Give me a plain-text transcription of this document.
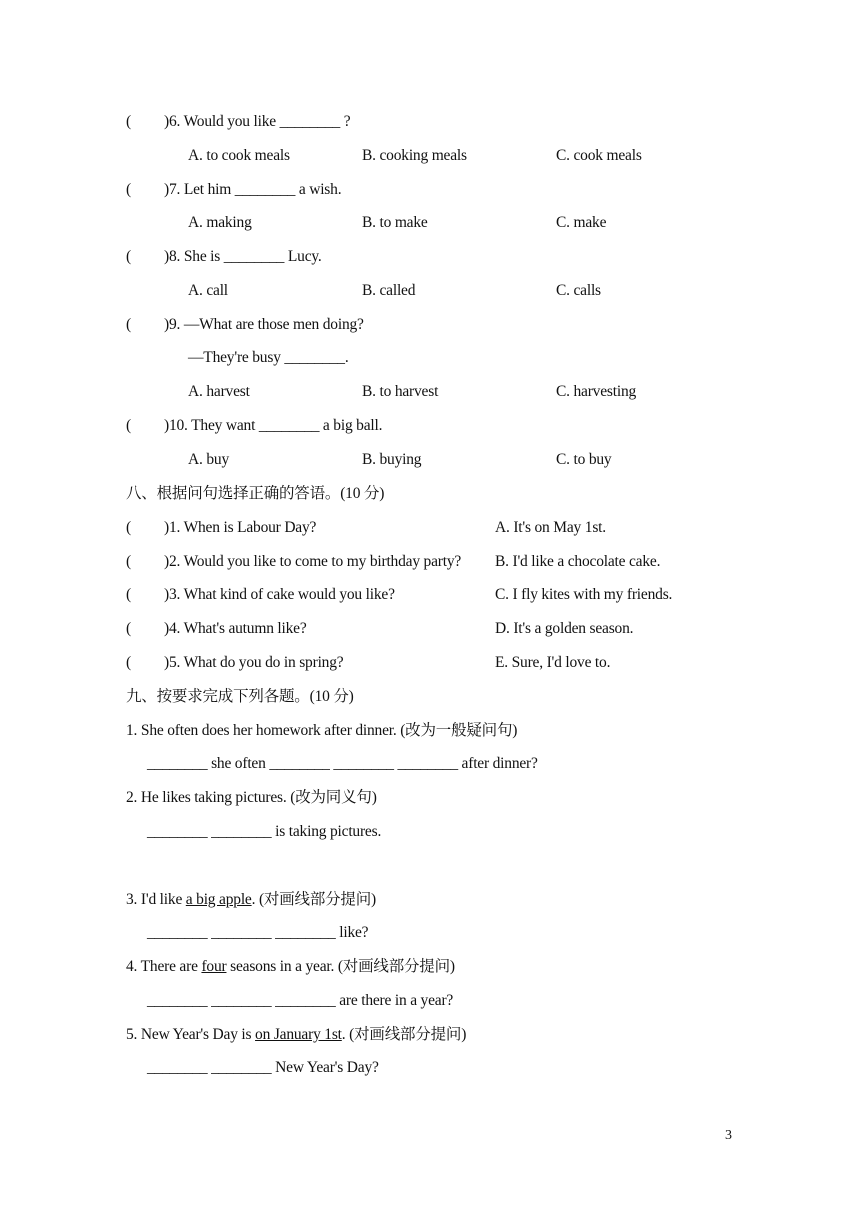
( )6. Would you like ________ ?
A. to cook meals	B. cooking meals	C. cook meals
( )7. Let him ________ a wish.
A. making	B. to make	C. make
( )8. She is ________ Lucy.
A. call	B. called	C. calls
( )9. —What are those men doing?
—They're busy ________.
A. harvest	B. to harvest	C. harvesting
( )10. They want ________ a big ball.
A. buy	B. buying	C. to buy
八、根据问句选择正确的答语。(10 分)
( )1. When is Labour Day?	A. It's on May 1st.
( )2. Would you like to come to my birthday party? B. I'd like a chocolate cake.
( )3. What kind of cake would you like?	C. I fly kites with my friends.
( )4. What's autumn like?	D. It's a golden season.
( )5. What do you do in spring?	E. Sure, I'd love to.
九、按要求完成下列各题。(10 分)
1. She often does her homework after dinner. (改为一般疑问句)
________ she often ________ ________ ________ after dinner?
2. He likes taking pictures. (改为同义句)
________ ________ is taking pictures.
3. I'd like a big apple. (对画线部分提问)
________ ________ ________ like?
4. There are four seasons in a year. (对画线部分提问)
________ ________ ________ are there in a year?
5. New Year's Day is on January 1st. (对画线部分提问)
________ ________ New Year's Day?
3
